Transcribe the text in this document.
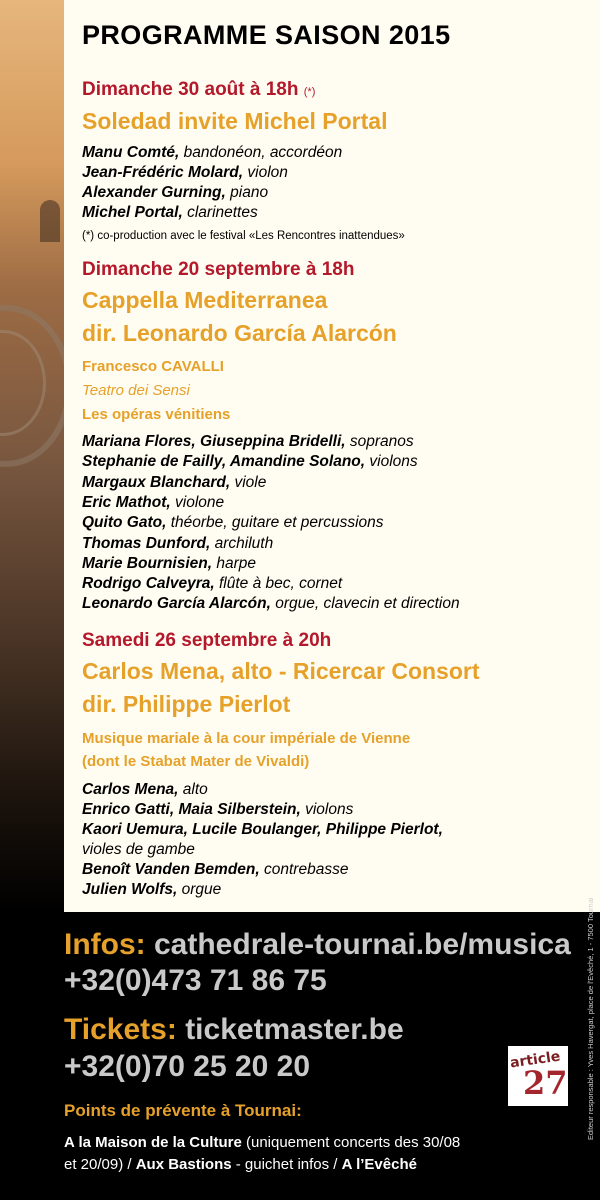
PROGRAMME SAISON 2015
Dimanche 30 août à 18h (*)
Soledad invite Michel Portal
Manu Comté, bandonéon, accordéon
Jean-Frédéric Molard, violon
Alexander Gurning, piano
Michel Portal, clarinettes
(*) co-production avec le festival «Les Rencontres inattendues»
Dimanche 20 septembre à 18h
Cappella Mediterranea
dir. Leonardo García Alarcón
Francesco CAVALLI
Teatro dei Sensi
Les opéras vénitiens
Mariana Flores, Giuseppina Bridelli, sopranos
Stephanie de Failly, Amandine Solano, violons
Margaux Blanchard, viole
Eric Mathot, violone
Quito Gato, théorbe, guitare et percussions
Thomas Dunford, archiluth
Marie Bournisien, harpe
Rodrigo Calveyra, flûte à bec, cornet
Leonardo García Alarcón, orgue, clavecin et direction
Samedi 26 septembre à 20h
Carlos Mena, alto - Ricercar Consort
dir. Philippe Pierlot
Musique mariale à la cour impériale de Vienne
(dont le Stabat Mater de Vivaldi)
Carlos Mena, alto
Enrico Gatti, Maia Silberstein, violons
Kaori Uemura, Lucile Boulanger, Philippe Pierlot,
violes de gambe
Benoît Vanden Bemden, contrebasse
Julien Wolfs, orgue
Infos: cathedrale-tournai.be/musica
+32(0)473 71 86 75
Tickets: ticketmaster.be
+32(0)70 25 20 20
Points de prévente à Tournai:
A la Maison de la Culture (uniquement concerts des 30/08
et 20/09) / Aux Bastions - guichet infos / A l’Evêché
Editeur responsable : Yves Havergat, place de l'Evêché, 1 - 7500 Tournai
article
27
